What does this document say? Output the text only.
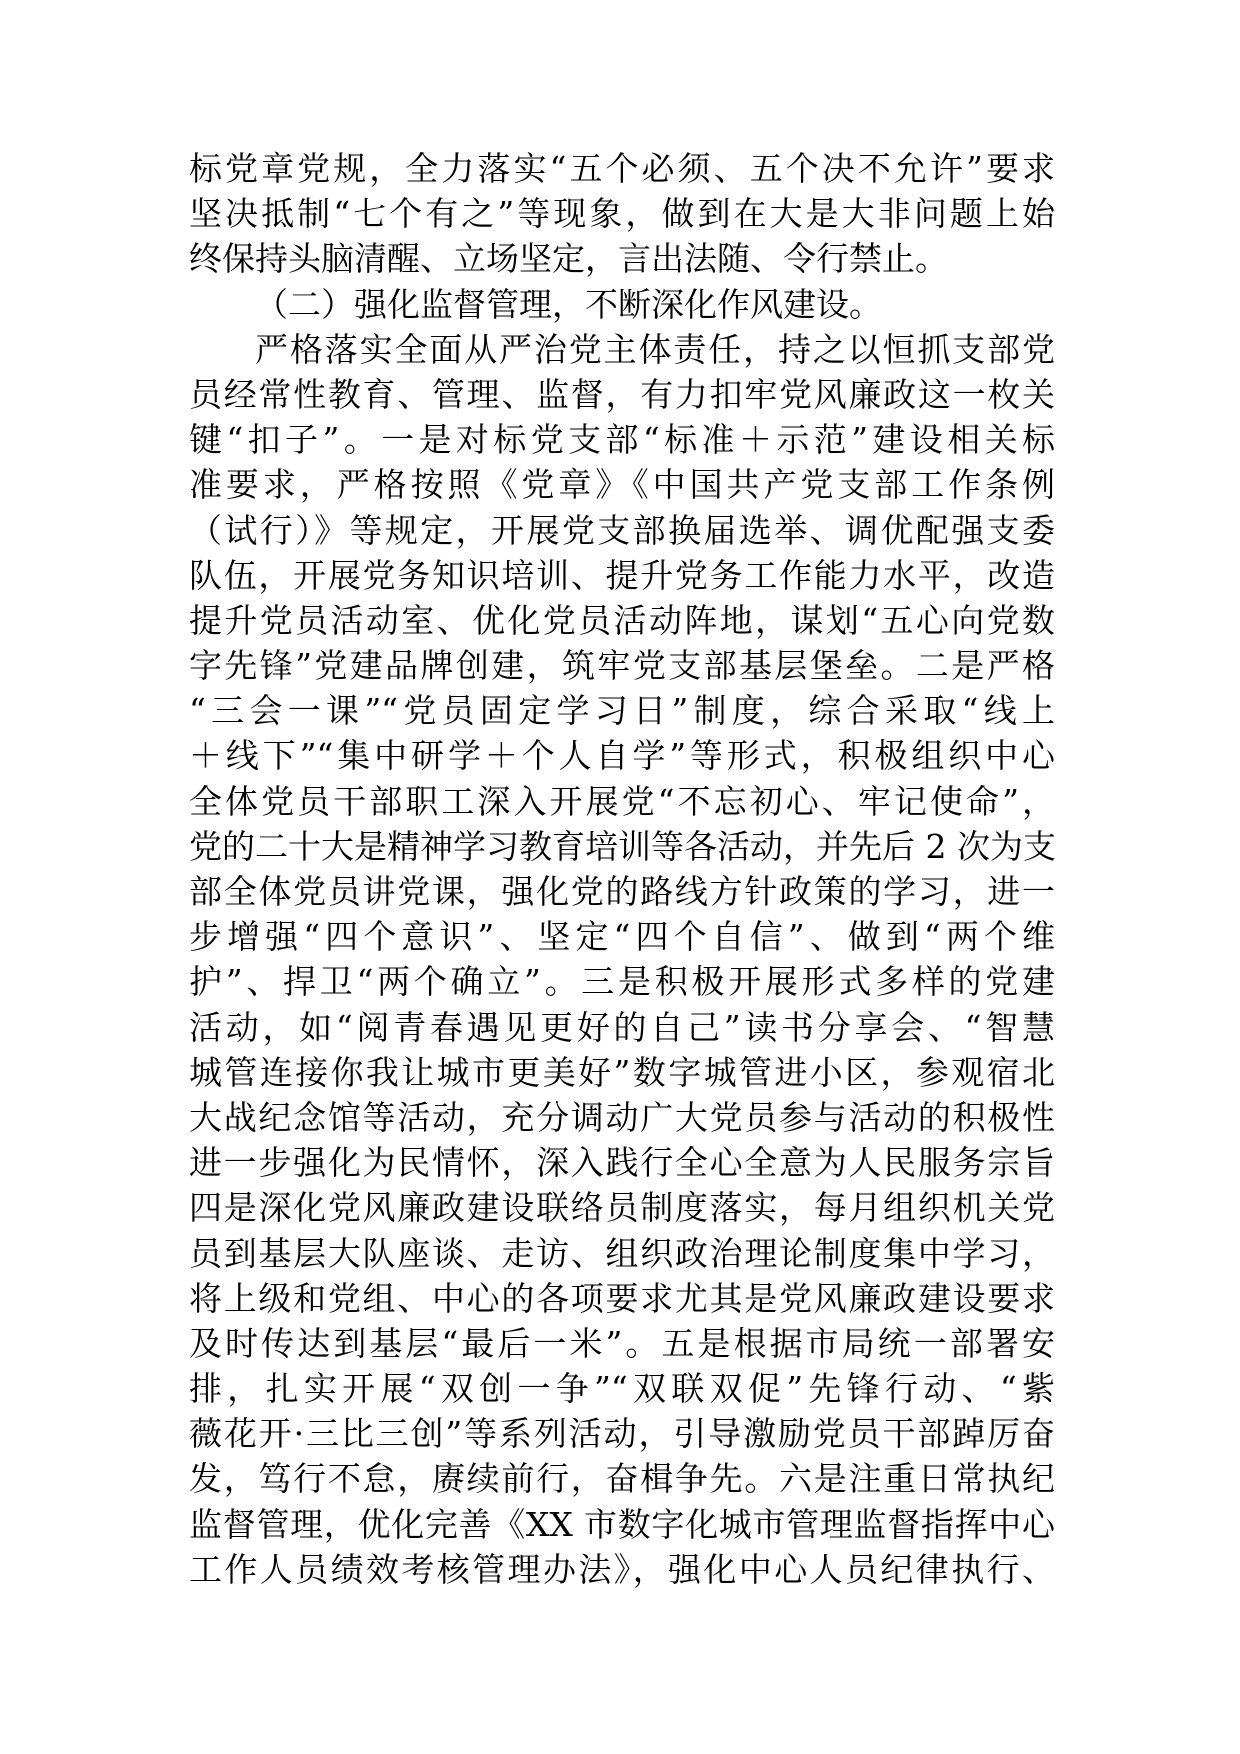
标党章党规，全力落实“五个必须、五个决不允许”要求
坚决抵制“七个有之”等现象，做到在大是大非问题上始
终保持头脑清醒、立场坚定，言出法随、令行禁止。
（二）强化监督管理，不断深化作风建设。
严格落实全面从严治党主体责任，持之以恒抓支部党
员经常性教育、管理、监督，有力扣牢党风廉政这一枚关
键“扣子”。一是对标党支部“标准＋示范”建设相关标
准要求，严格按照《党章》《中国共产党支部工作条例
（试行）》等规定，开展党支部换届选举、调优配强支委
队伍，开展党务知识培训、提升党务工作能力水平，改造
提升党员活动室、优化党员活动阵地，谋划“五心向党数
字先锋”党建品牌创建，筑牢党支部基层堡垒。二是严格
“三会一课”“党员固定学习日”制度，综合采取“线上
＋线下”“集中研学＋个人自学”等形式，积极组织中心
全体党员干部职工深入开展党“不忘初心、牢记使命”，
党的二十大是精神学习教育培训等各活动，并先后 2 次为支
部全体党员讲党课，强化党的路线方针政策的学习，进一
步增强“四个意识”、坚定“四个自信”、做到“两个维
护”、捍卫“两个确立”。三是积极开展形式多样的党建
活动，如“阅青春遇见更好的自己”读书分享会、“智慧
城管连接你我让城市更美好”数字城管进小区，参观宿北
大战纪念馆等活动，充分调动广大党员参与活动的积极性
进一步强化为民情怀，深入践行全心全意为人民服务宗旨
四是深化党风廉政建设联络员制度落实，每月组织机关党
员到基层大队座谈、走访、组织政治理论制度集中学习，
将上级和党组、中心的各项要求尤其是党风廉政建设要求
及时传达到基层“最后一米”。五是根据市局统一部署安
排，扎实开展“双创一争”“双联双促”先锋行动、“紫
薇花开·三比三创”等系列活动，引导激励党员干部踔厉奋
发，笃行不怠，赓续前行，奋楫争先。六是注重日常执纪
监督管理，优化完善《XX 市数字化城市管理监督指挥中心
工作人员绩效考核管理办法》，强化中心人员纪律执行、
